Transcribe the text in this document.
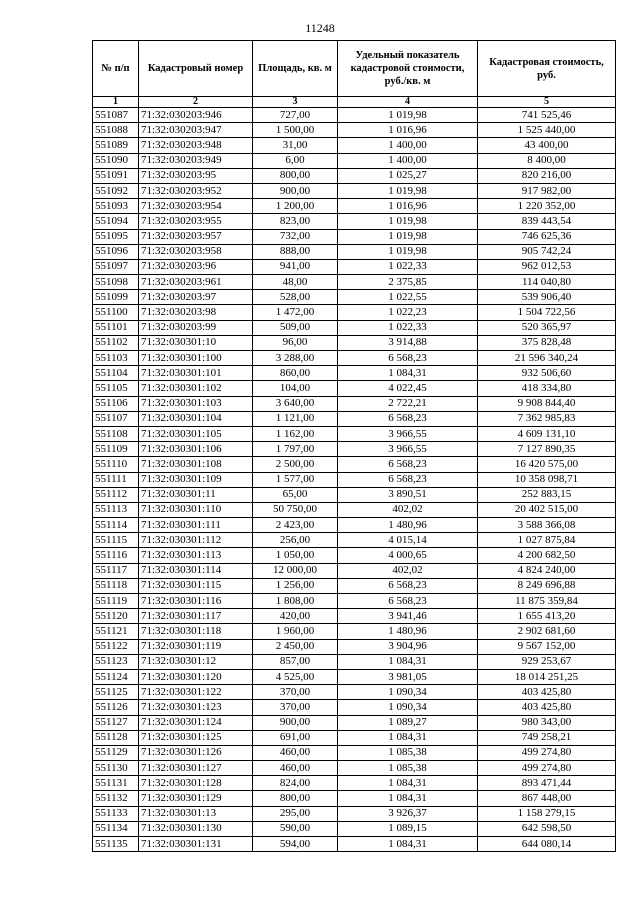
11248
№ п/п	Кадастровый номер	Площадь, кв. м	Удельный показатель кадастровой стоимости, руб./кв. м	Кадастровая стоимость, руб.
1	2	3	4	5
551087	71:32:030203:946	727,00	1 019,98	741 525,46
551088	71:32:030203:947	1 500,00	1 016,96	1 525 440,00
551089	71:32:030203:948	31,00	1 400,00	43 400,00
551090	71:32:030203:949	6,00	1 400,00	8 400,00
551091	71:32:030203:95	800,00	1 025,27	820 216,00
551092	71:32:030203:952	900,00	1 019,98	917 982,00
551093	71:32:030203:954	1 200,00	1 016,96	1 220 352,00
551094	71:32:030203:955	823,00	1 019,98	839 443,54
551095	71:32:030203:957	732,00	1 019,98	746 625,36
551096	71:32:030203:958	888,00	1 019,98	905 742,24
551097	71:32:030203:96	941,00	1 022,33	962 012,53
551098	71:32:030203:961	48,00	2 375,85	114 040,80
551099	71:32:030203:97	528,00	1 022,55	539 906,40
551100	71:32:030203:98	1 472,00	1 022,23	1 504 722,56
551101	71:32:030203:99	509,00	1 022,33	520 365,97
551102	71:32:030301:10	96,00	3 914,88	375 828,48
551103	71:32:030301:100	3 288,00	6 568,23	21 596 340,24
551104	71:32:030301:101	860,00	1 084,31	932 506,60
551105	71:32:030301:102	104,00	4 022,45	418 334,80
551106	71:32:030301:103	3 640,00	2 722,21	9 908 844,40
551107	71:32:030301:104	1 121,00	6 568,23	7 362 985,83
551108	71:32:030301:105	1 162,00	3 966,55	4 609 131,10
551109	71:32:030301:106	1 797,00	3 966,55	7 127 890,35
551110	71:32:030301:108	2 500,00	6 568,23	16 420 575,00
551111	71:32:030301:109	1 577,00	6 568,23	10 358 098,71
551112	71:32:030301:11	65,00	3 890,51	252 883,15
551113	71:32:030301:110	50 750,00	402,02	20 402 515,00
551114	71:32:030301:111	2 423,00	1 480,96	3 588 366,08
551115	71:32:030301:112	256,00	4 015,14	1 027 875,84
551116	71:32:030301:113	1 050,00	4 000,65	4 200 682,50
551117	71:32:030301:114	12 000,00	402,02	4 824 240,00
551118	71:32:030301:115	1 256,00	6 568,23	8 249 696,88
551119	71:32:030301:116	1 808,00	6 568,23	11 875 359,84
551120	71:32:030301:117	420,00	3 941,46	1 655 413,20
551121	71:32:030301:118	1 960,00	1 480,96	2 902 681,60
551122	71:32:030301:119	2 450,00	3 904,96	9 567 152,00
551123	71:32:030301:12	857,00	1 084,31	929 253,67
551124	71:32:030301:120	4 525,00	3 981,05	18 014 251,25
551125	71:32:030301:122	370,00	1 090,34	403 425,80
551126	71:32:030301:123	370,00	1 090,34	403 425,80
551127	71:32:030301:124	900,00	1 089,27	980 343,00
551128	71:32:030301:125	691,00	1 084,31	749 258,21
551129	71:32:030301:126	460,00	1 085,38	499 274,80
551130	71:32:030301:127	460,00	1 085,38	499 274,80
551131	71:32:030301:128	824,00	1 084,31	893 471,44
551132	71:32:030301:129	800,00	1 084,31	867 448,00
551133	71:32:030301:13	295,00	3 926,37	1 158 279,15
551134	71:32:030301:130	590,00	1 089,15	642 598,50
551135	71:32:030301:131	594,00	1 084,31	644 080,14
